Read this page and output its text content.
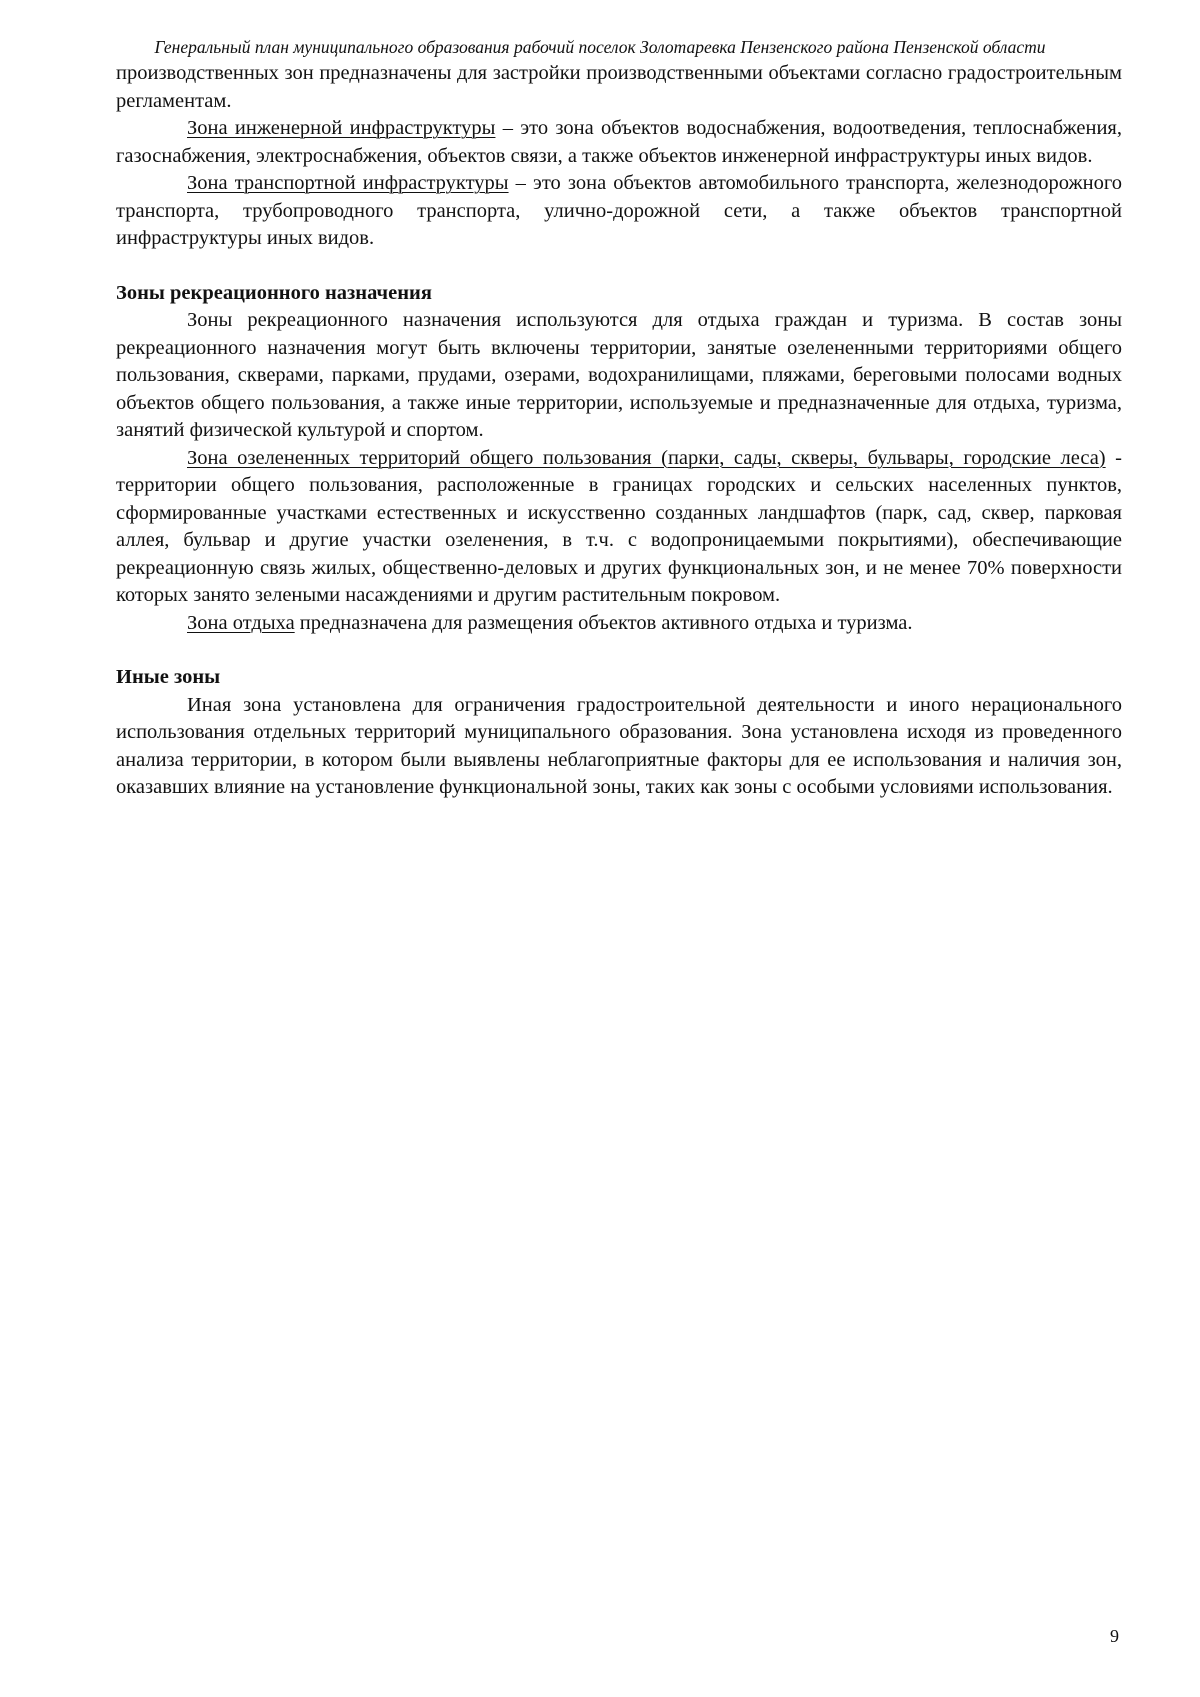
Генеральный план муниципального образования рабочий поселок Золотаревка Пензенского района Пензенской области

производственных зон предназначены для застройки производственными объектами согласно градостроительным регламентам.

Зона инженерной инфраструктуры – это зона объектов водоснабжения, водоотведения, теплоснабжения, газоснабжения, электроснабжения, объектов связи, а также объектов инженерной инфраструктуры иных видов.

Зона транспортной инфраструктуры – это зона объектов автомобильного транспорта, железнодорожного транспорта, трубопроводного транспорта, улично-дорожной сети, а также объектов транспортной инфраструктуры иных видов.

Зоны рекреационного назначения

Зоны рекреационного назначения используются для отдыха граждан и туризма. В состав зоны рекреационного назначения могут быть включены территории, занятые озелененными территориями общего пользования, скверами, парками, прудами, озерами, водохранилищами, пляжами, береговыми полосами водных объектов общего пользования, а также иные территории, используемые и предназначенные для отдыха, туризма, занятий физической культурой и спортом.

Зона озелененных территорий общего пользования (парки, сады, скверы, бульвары, городские леса) - территории общего пользования, расположенные в границах городских и сельских населенных пунктов, сформированные участками естественных и искусственно созданных ландшафтов (парк, сад, сквер, парковая аллея, бульвар и другие участки озеленения, в т.ч. с водопроницаемыми покрытиями), обеспечивающие рекреационную связь жилых, общественно-деловых и других функциональных зон, и не менее 70% поверхности которых занято зелеными насаждениями и другим растительным покровом.

Зона отдыха предназначена для размещения объектов активного отдыха и туризма.

Иные зоны

Иная зона установлена для ограничения градостроительной деятельности и иного нерационального использования отдельных территорий муниципального образования. Зона установлена исходя из проведенного анализа территории, в котором были выявлены неблагоприятные факторы для ее использования и наличия зон, оказавших влияние на установление функциональной зоны, таких как зоны с особыми условиями использования.

9
